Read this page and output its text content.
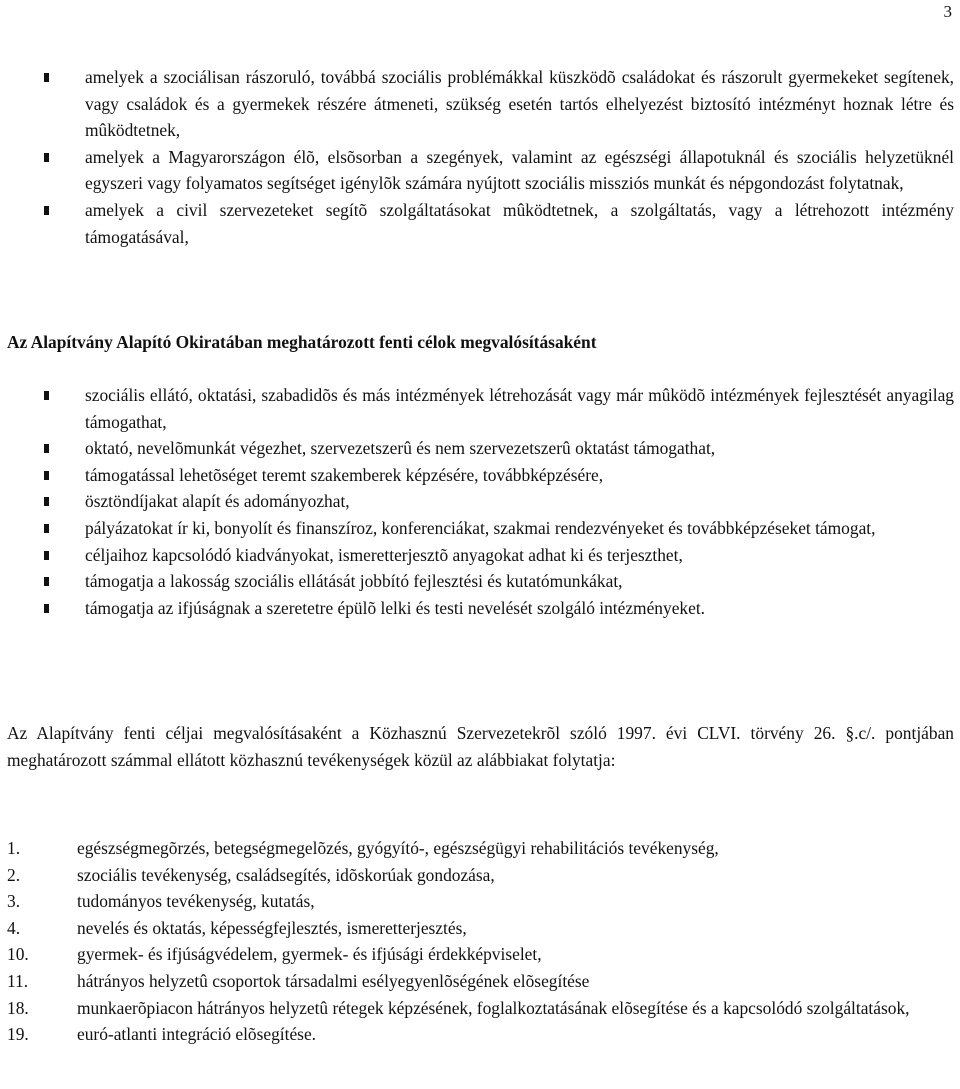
3
amelyek a szociálisan rászoruló, továbbá szociális problémákkal küszködõ családokat és rászorult gyermekeket segítenek, vagy családok és a gyermekek részére átmeneti, szükség esetén tartós elhelyezést biztosító intézményt hoznak létre és mûködtetnek,
amelyek a Magyarországon élõ, elsõsorban a szegények, valamint az egészségi állapotuknál és szociális helyzetüknél egyszeri vagy folyamatos segítséget igénylõk számára nyújtott szociális missziós munkát és népgondozást folytatnak,
amelyek a civil szervezeteket segítõ szolgáltatásokat mûködtetnek, a szolgáltatás, vagy a létrehozott intézmény támogatásával,
Az Alapítvány Alapító Okiratában meghatározott fenti célok megvalósításaként
szociális ellátó, oktatási, szabadidõs és más intézmények létrehozását vagy már mûködõ intézmények fejlesztését anyagilag támogathat,
oktató, nevelõmunkát végezhet, szervezetszerû és nem szervezetszerû oktatást támogathat,
támogatással lehetõséget teremt szakemberek képzésére, továbbképzésére,
ösztöndíjakat alapít és adományozhat,
pályázatokat ír ki, bonyolít és finanszíroz, konferenciákat, szakmai rendezvényeket és továbbképzéseket támogat,
céljaihoz kapcsolódó kiadványokat, ismeretterjesztõ anyagokat adhat ki és terjeszthet,
támogatja a lakosság szociális ellátását jobbító fejlesztési és kutatómunkákat,
támogatja az ifjúságnak a szeretetre épülõ lelki és testi nevelését szolgáló intézményeket.
Az Alapítvány fenti céljai megvalósításaként a Közhasznú Szervezetekrõl szóló 1997. évi CLVI. törvény 26. §.c/. pontjában meghatározott számmal ellátott közhasznú tevékenységek közül az alábbiakat folytatja:
1.	egészségmegõrzés, betegségmegelõzés, gyógyító-, egészségügyi rehabilitációs tevékenység,
2.	szociális tevékenység, családsegítés, idõskorúak gondozása,
3.	tudományos tevékenység, kutatás,
4.	nevelés és oktatás, képességfejlesztés, ismeretterjesztés,
10.	gyermek- és ifjúságvédelem, gyermek- és ifjúsági érdekképviselet,
11.	hátrányos helyzetû csoportok társadalmi esélyegyenlõségének elõsegítése
18.	munkaerõpiacon hátrányos helyzetû rétegek képzésének, foglalkoztatásának elõsegítése és a kapcsolódó szolgáltatások,
19.	euró-atlanti integráció elõsegítése.
